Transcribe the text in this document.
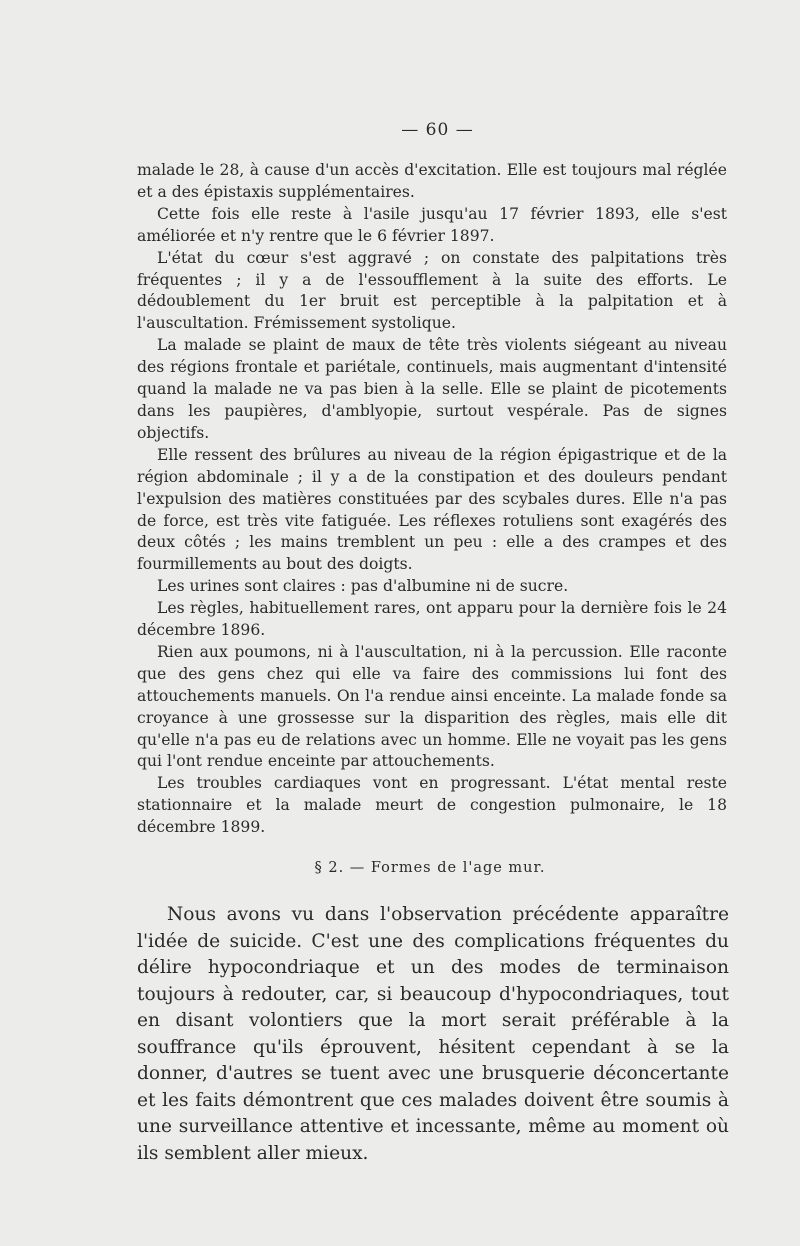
— 60 —

malade le 28, à cause d'un accès d'excitation. Elle est toujours mal réglée et a des épistaxis supplémentaires.

Cette fois elle reste à l'asile jusqu'au 17 février 1893, elle s'est améliorée et n'y rentre que le 6 février 1897.

L'état du cœur s'est aggravé ; on constate des palpitations très fréquentes ; il y a de l'essoufflement à la suite des efforts. Le dédoublement du 1er bruit est perceptible à la palpitation et à l'auscultation. Frémissement systolique.

La malade se plaint de maux de tête très violents siégeant au niveau des régions frontale et pariétale, continuels, mais augmentant d'intensité quand la malade ne va pas bien à la selle. Elle se plaint de picotements dans les paupières, d'amblyopie, surtout vespérale. Pas de signes objectifs.

Elle ressent des brûlures au niveau de la région épigastrique et de la région abdominale ; il y a de la constipation et des douleurs pendant l'expulsion des matières constituées par des scybales dures. Elle n'a pas de force, est très vite fatiguée. Les réflexes rotuliens sont exagérés des deux côtés ; les mains tremblent un peu : elle a des crampes et des fourmillements au bout des doigts.

Les urines sont claires : pas d'albumine ni de sucre.

Les règles, habituellement rares, ont apparu pour la dernière fois le 24 décembre 1896.

Rien aux poumons, ni à l'auscultation, ni à la percussion. Elle raconte que des gens chez qui elle va faire des commissions lui font des attouchements manuels. On l'a rendue ainsi enceinte. La malade fonde sa croyance à une grossesse sur la disparition des règles, mais elle dit qu'elle n'a pas eu de relations avec un homme. Elle ne voyait pas les gens qui l'ont rendue enceinte par attouchements.

Les troubles cardiaques vont en progressant. L'état mental reste stationnaire et la malade meurt de congestion pulmonaire, le 18 décembre 1899.

§ 2. — Formes de l'age mur.

Nous avons vu dans l'observation précédente apparaître l'idée de suicide. C'est une des complications fréquentes du délire hypocondriaque et un des modes de terminaison toujours à redouter, car, si beaucoup d'hypocondriaques, tout en disant volontiers que la mort serait préférable à la souffrance qu'ils éprouvent, hésitent cependant à se la donner, d'autres se tuent avec une brusquerie déconcertante et les faits démontrent que ces malades doivent être soumis à une surveillance attentive et incessante, même au moment où ils semblent aller mieux.
